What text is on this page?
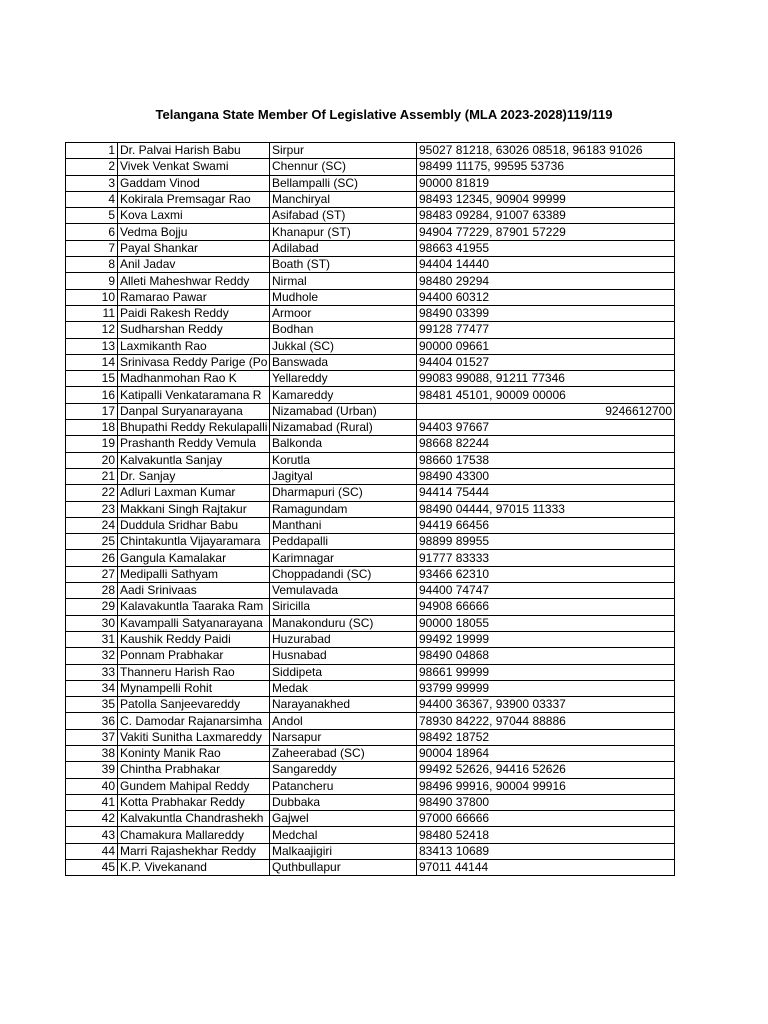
Telangana State Member Of Legislative Assembly (MLA 2023-2028)119/119
1	Dr. Palvai Harish Babu	Sirpur	95027 81218, 63026 08518, 96183 91026
2	Vivek Venkat Swami	Chennur (SC)	98499 11175, 99595 53736
3	Gaddam Vinod	Bellampalli (SC)	90000 81819
4	Kokirala Premsagar Rao	Manchiryal	98493 12345, 90904 99999
5	Kova Laxmi	Asifabad (ST)	98483 09284, 91007 63389
6	Vedma Bojju	Khanapur (ST)	94904 77229, 87901 57229
7	Payal Shankar	Adilabad	98663 41955
8	Anil Jadav	Boath (ST)	94404 14440
9	Alleti Maheshwar Reddy	Nirmal	98480 29294
10	Ramarao Pawar	Mudhole	94400 60312
11	Paidi Rakesh Reddy	Armoor	98490 03399
12	Sudharshan Reddy	Bodhan	99128 77477
13	Laxmikanth Rao	Jukkal (SC)	90000 09661
14	Srinivasa Reddy Parige (Po	Banswada	94404 01527
15	Madhanmohan Rao K	Yellareddy	99083 99088, 91211 77346
16	Katipalli Venkataramana R	Kamareddy	98481 45101, 90009 00006
17	Danpal Suryanarayana	Nizamabad (Urban)	9246612700
18	Bhupathi Reddy Rekulapalli	Nizamabad (Rural)	94403 97667
19	Prashanth Reddy Vemula	Balkonda	98668 82244
20	Kalvakuntla Sanjay	Korutla	98660 17538
21	Dr. Sanjay	Jagityal	98490 43300
22	Adluri Laxman Kumar	Dharmapuri (SC)	94414 75444
23	Makkani Singh Rajtakur	Ramagundam	98490 04444, 97015 11333
24	Duddula Sridhar Babu	Manthani	94419 66456
25	Chintakuntla Vijayaramara	Peddapalli	98899 89955
26	Gangula Kamalakar	Karimnagar	91777 83333
27	Medipalli Sathyam	Choppadandi (SC)	93466 62310
28	Aadi Srinivaas	Vemulavada	94400 74747
29	Kalavakuntla Taaraka Ram	Siricilla	94908 66666
30	Kavampalli Satyanarayana	Manakonduru (SC)	90000 18055
31	Kaushik Reddy Paidi	Huzurabad	99492 19999
32	Ponnam Prabhakar	Husnabad	98490 04868
33	Thanneru Harish Rao	Siddipeta	98661 99999
34	Mynampelli Rohit	Medak	93799 99999
35	Patolla Sanjeevareddy	Narayanakhed	94400 36367, 93900 03337
36	C. Damodar Rajanarsimha	Andol	78930 84222, 97044 88886
37	Vakiti Sunitha Laxmareddy	Narsapur	98492 18752
38	Koninty Manik Rao	Zaheerabad (SC)	90004 18964
39	Chintha Prabhakar	Sangareddy	99492 52626, 94416 52626
40	Gundem Mahipal Reddy	Patancheru	98496 99916, 90004 99916
41	Kotta Prabhakar Reddy	Dubbaka	98490 37800
42	Kalvakuntla Chandrashekh	Gajwel	97000 66666
43	Chamakura Mallareddy	Medchal	98480 52418
44	Marri Rajashekhar Reddy	Malkaajigiri	83413 10689
45	K.P. Vivekanand	Quthbullapur	97011 44144
